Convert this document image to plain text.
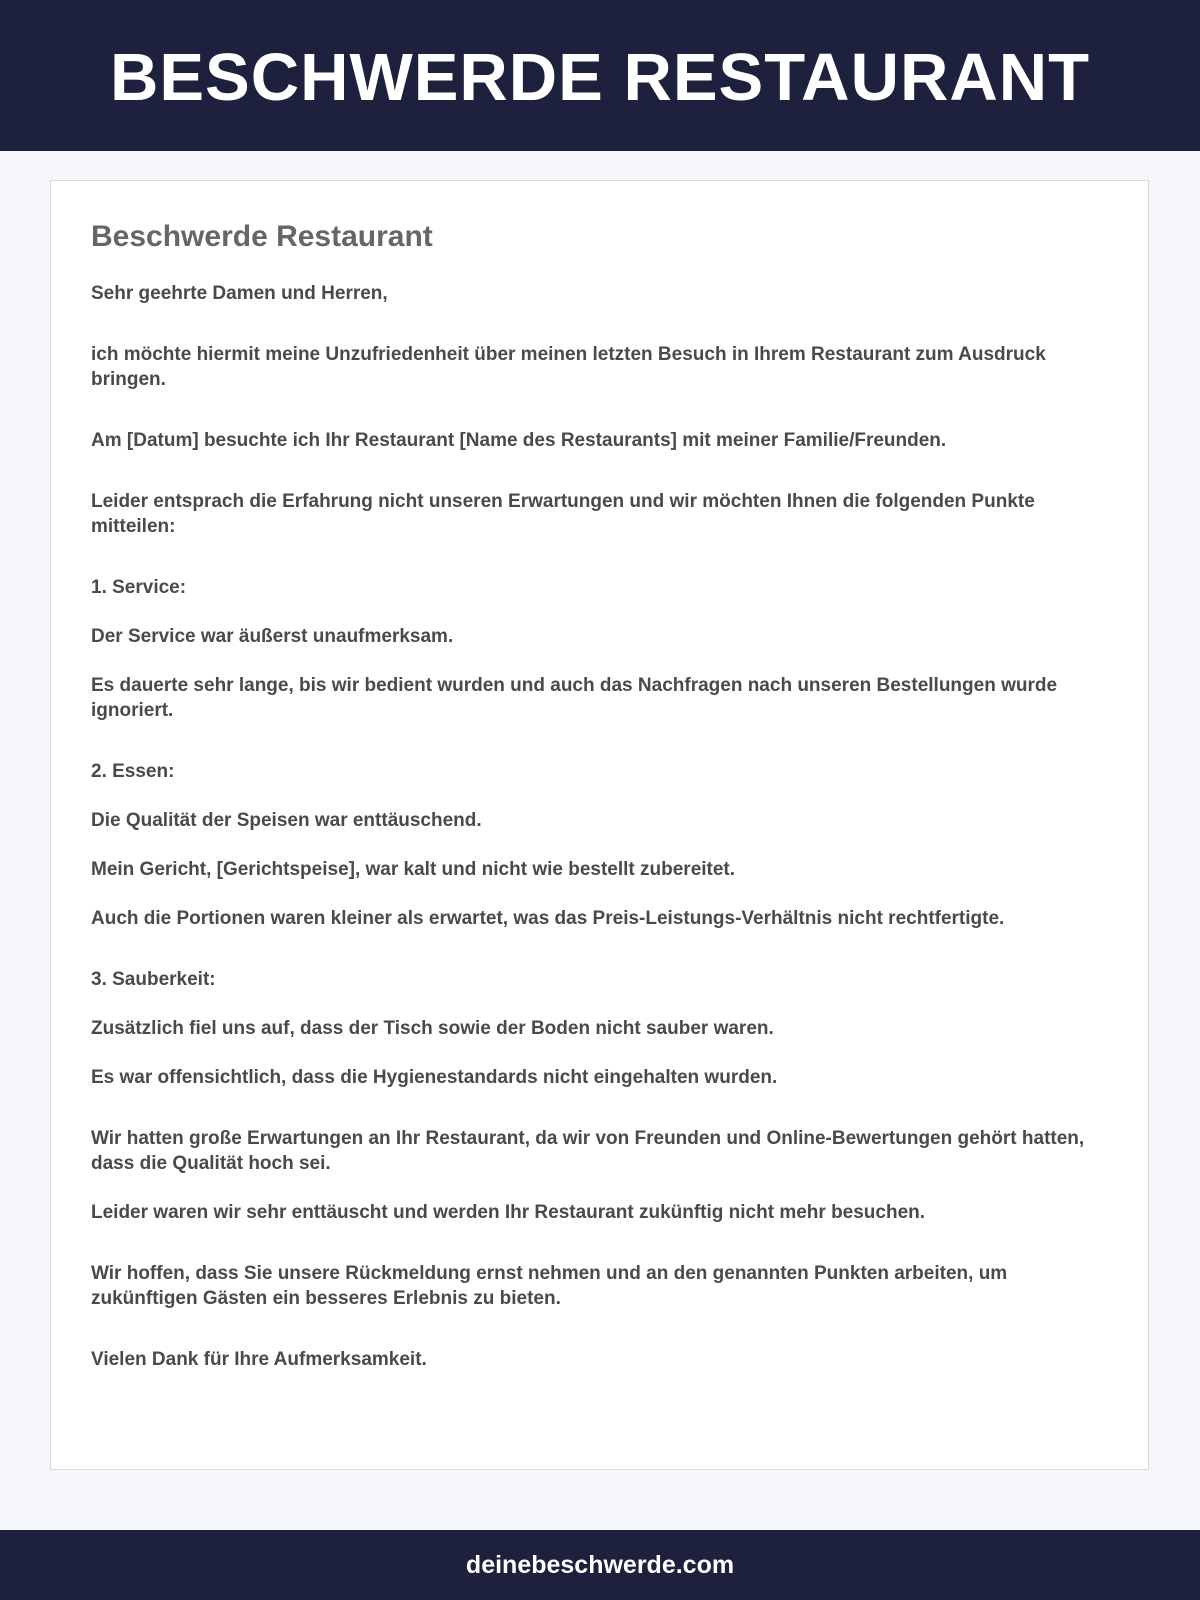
BESCHWERDE RESTAURANT
Beschwerde Restaurant

Sehr geehrte Damen und Herren,

ich möchte hiermit meine Unzufriedenheit über meinen letzten Besuch in Ihrem Restaurant zum Ausdruck bringen.

Am [Datum] besuchte ich Ihr Restaurant [Name des Restaurants] mit meiner Familie/Freunden.

Leider entsprach die Erfahrung nicht unseren Erwartungen und wir möchten Ihnen die folgenden Punkte mitteilen:

1. Service:

Der Service war äußerst unaufmerksam.

Es dauerte sehr lange, bis wir bedient wurden und auch das Nachfragen nach unseren Bestellungen wurde ignoriert.

2. Essen:

Die Qualität der Speisen war enttäuschend.

Mein Gericht, [Gerichtspeise], war kalt und nicht wie bestellt zubereitet.

Auch die Portionen waren kleiner als erwartet, was das Preis-Leistungs-Verhältnis nicht rechtfertigte.

3. Sauberkeit:

Zusätzlich fiel uns auf, dass der Tisch sowie der Boden nicht sauber waren.

Es war offensichtlich, dass die Hygienestandards nicht eingehalten wurden.

Wir hatten große Erwartungen an Ihr Restaurant, da wir von Freunden und Online-Bewertungen gehört hatten, dass die Qualität hoch sei.

Leider waren wir sehr enttäuscht und werden Ihr Restaurant zukünftig nicht mehr besuchen.

Wir hoffen, dass Sie unsere Rückmeldung ernst nehmen und an den genannten Punkten arbeiten, um zukünftigen Gästen ein besseres Erlebnis zu bieten.

Vielen Dank für Ihre Aufmerksamkeit.

deinebeschwerde.com
